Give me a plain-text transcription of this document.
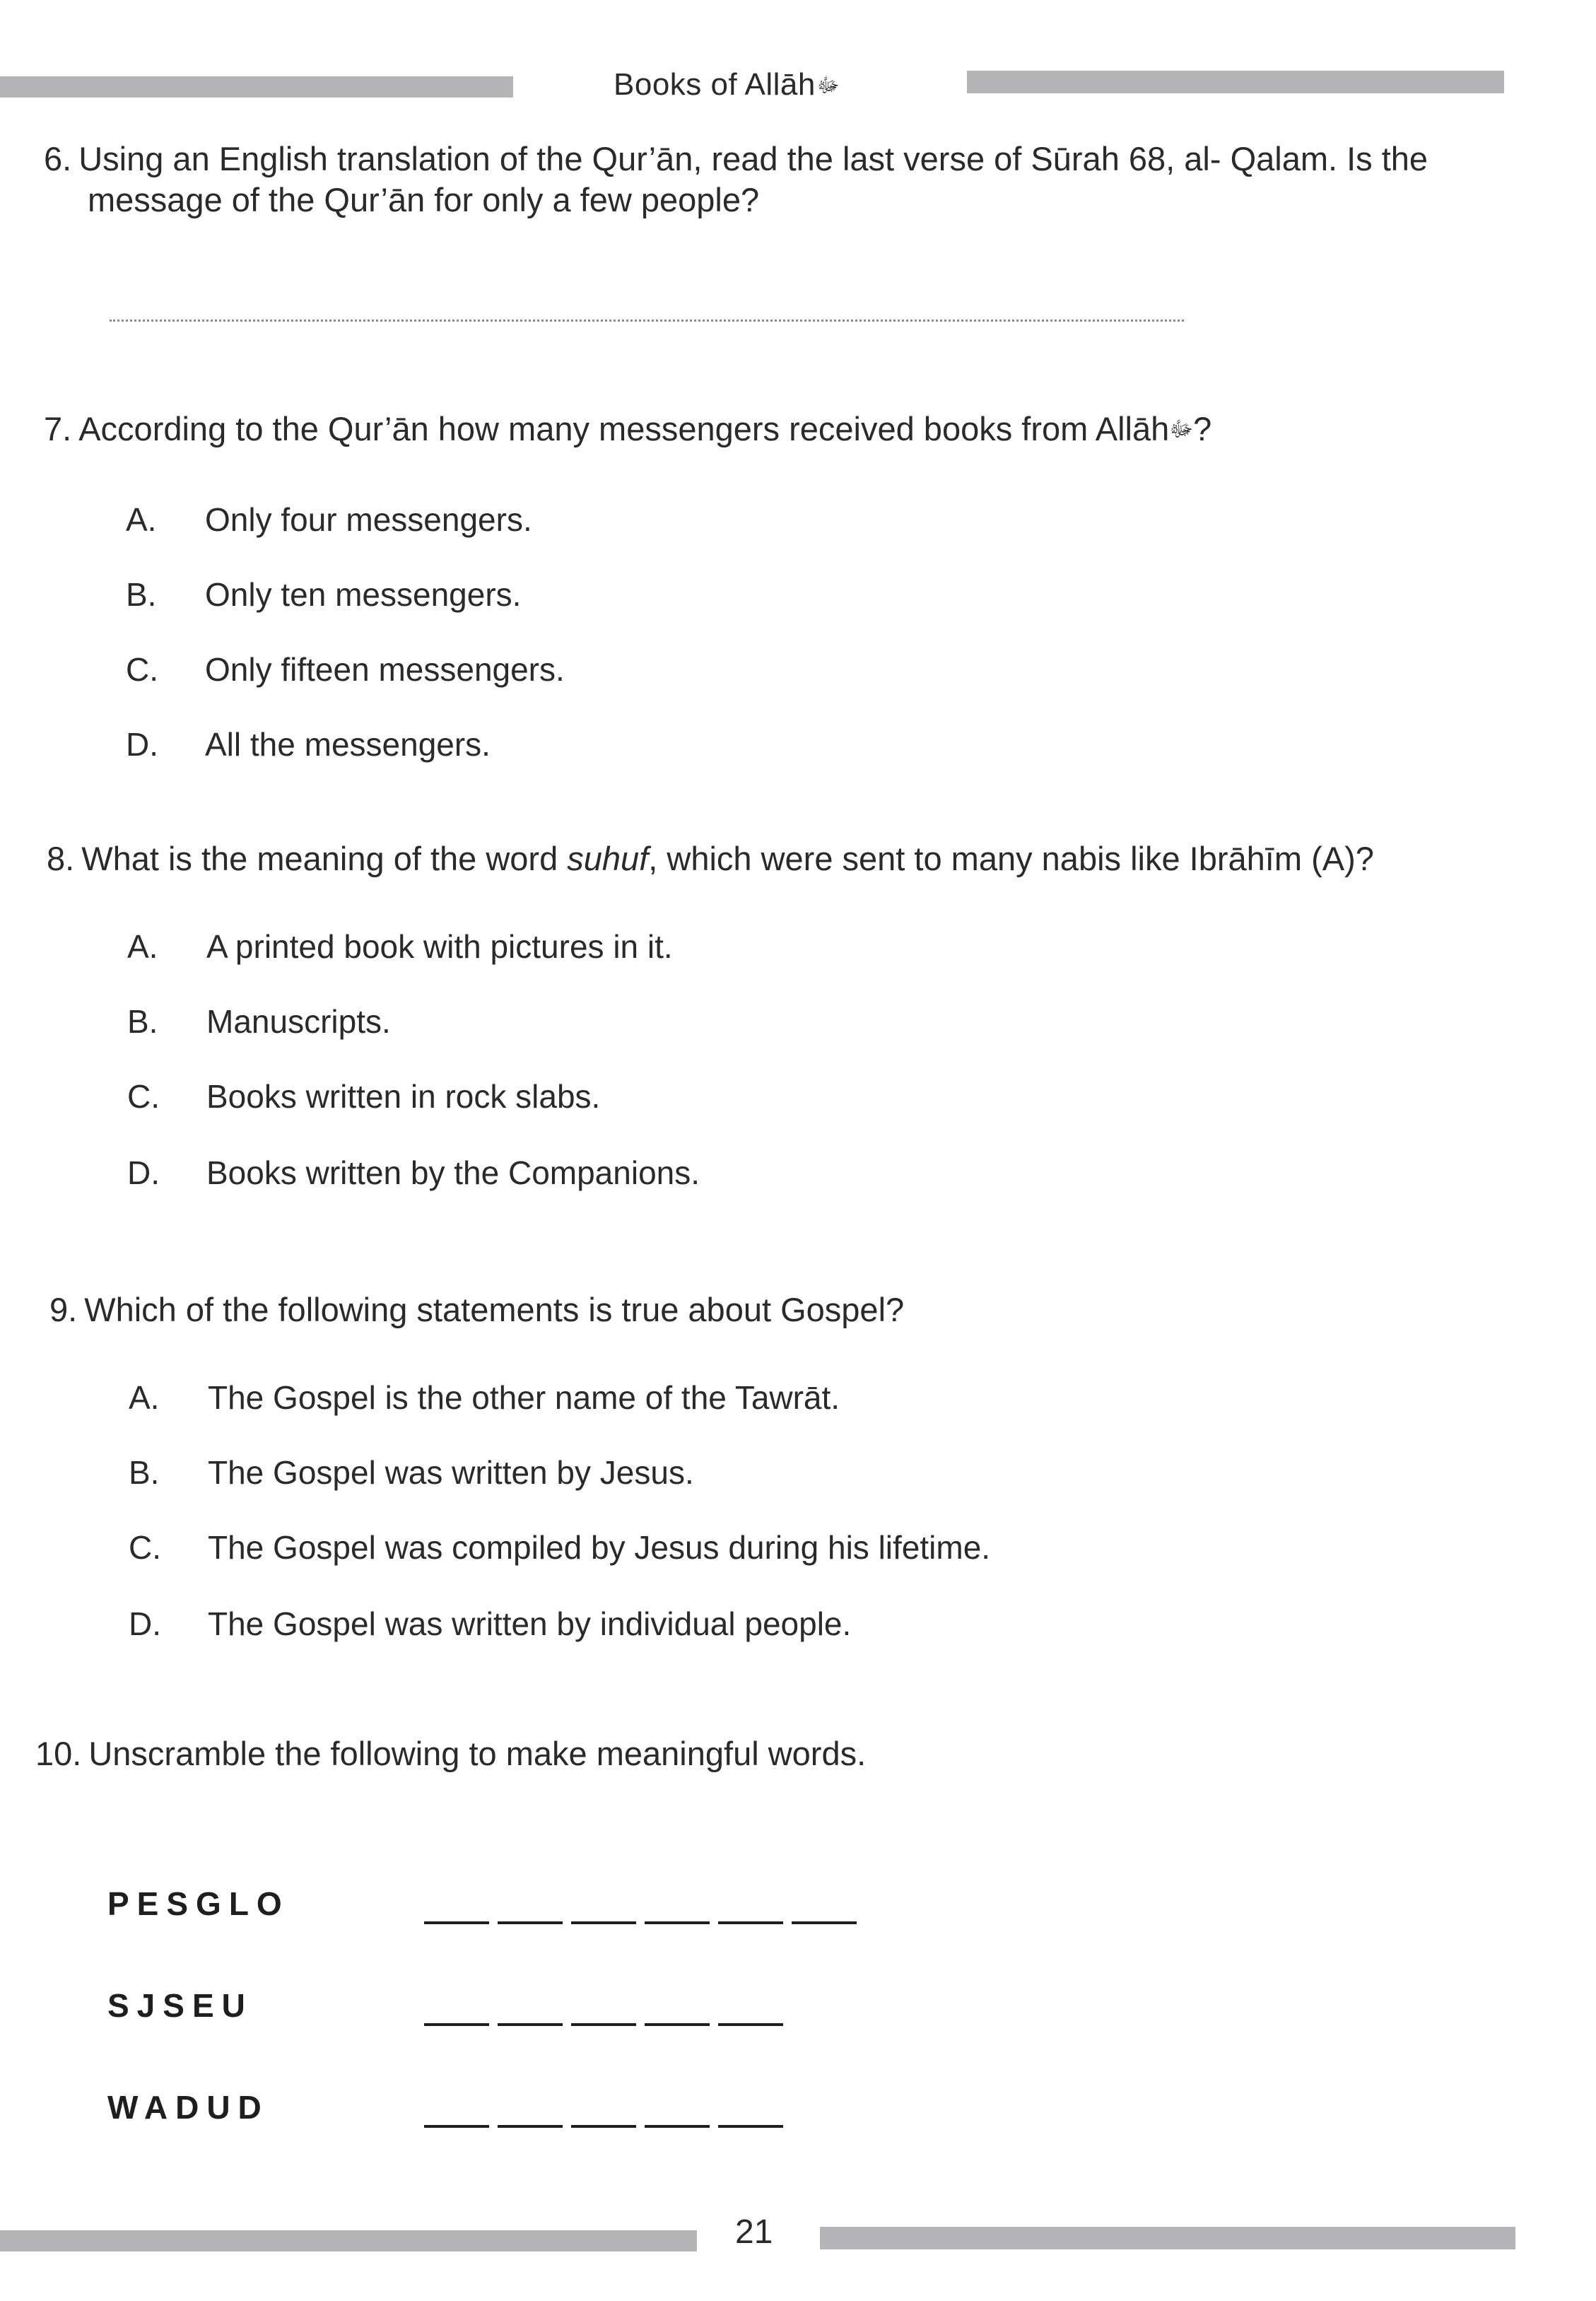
Books of Allāhﷻ
6. Using an English translation of the Qur’ān, read the last verse of Sūrah 68, al- Qalam. Is the
message of the Qur’ān for only a few people?
7. According to the Qur’ān how many messengers received books from Allāhﷻ?
A. Only four messengers.
B. Only ten messengers.
C. Only fifteen messengers.
D. All the messengers.
8. What is the meaning of the word suhuf, which were sent to many nabis like Ibrāhīm (A)?
A. A printed book with pictures in it.
B. Manuscripts.
C. Books written in rock slabs.
D. Books written by the Companions.
9. Which of the following statements is true about Gospel?
A. The Gospel is the other name of the Tawrāt.
B. The Gospel was written by Jesus.
C. The Gospel was compiled by Jesus during his lifetime.
D. The Gospel was written by individual people.
10. Unscramble the following to make meaningful words.
PESGLO
SJSEU
WADUD
21
